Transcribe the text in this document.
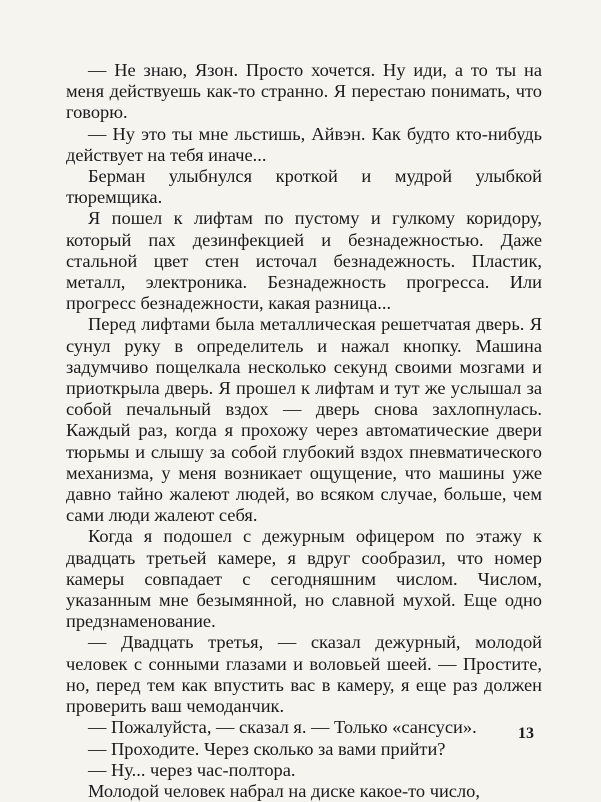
— Не знаю, Язон. Просто хочется. Ну иди, а то ты на меня действуешь как-то странно. Я перестаю понимать, что говорю.

— Ну это ты мне льстишь, Айвэн. Как будто кто-нибудь действует на тебя иначе...

Берман улыбнулся кроткой и мудрой улыбкой тюремщика.

Я пошел к лифтам по пустому и гулкому коридору, который пах дезинфекцией и безнадежностью. Даже стальной цвет стен источал безнадежность. Пластик, металл, электроника. Безнадежность прогресса. Или прогресс безнадежности, какая разница...

Перед лифтами была металлическая решетчатая дверь. Я сунул руку в определитель и нажал кнопку. Машина задумчиво пощелкала несколько секунд своими мозгами и приоткрыла дверь. Я прошел к лифтам и тут же услышал за собой печальный вздох — дверь снова захлопнулась. Каждый раз, когда я прохожу через автоматические двери тюрьмы и слышу за собой глубокий вздох пневматического механизма, у меня возникает ощущение, что машины уже давно тайно жалеют людей, во всяком случае, больше, чем сами люди жалеют себя.

Когда я подошел с дежурным офицером по этажу к двадцать третьей камере, я вдруг сообразил, что номер камеры совпадает с сегодняшним числом. Числом, указанным мне безымянной, но славной мухой. Еще одно предзнаменование.

— Двадцать третья, — сказал дежурный, молодой человек с сонными глазами и воловьей шеей. — Простите, но, перед тем как впустить вас в камеру, я еще раз должен проверить ваш чемоданчик.

— Пожалуйста, — сказал я. — Только «сансуси».

— Проходите. Через сколько за вами прийти?

— Ну... через час-полтора.

Молодой человек набрал на диске какое-то число,

13
